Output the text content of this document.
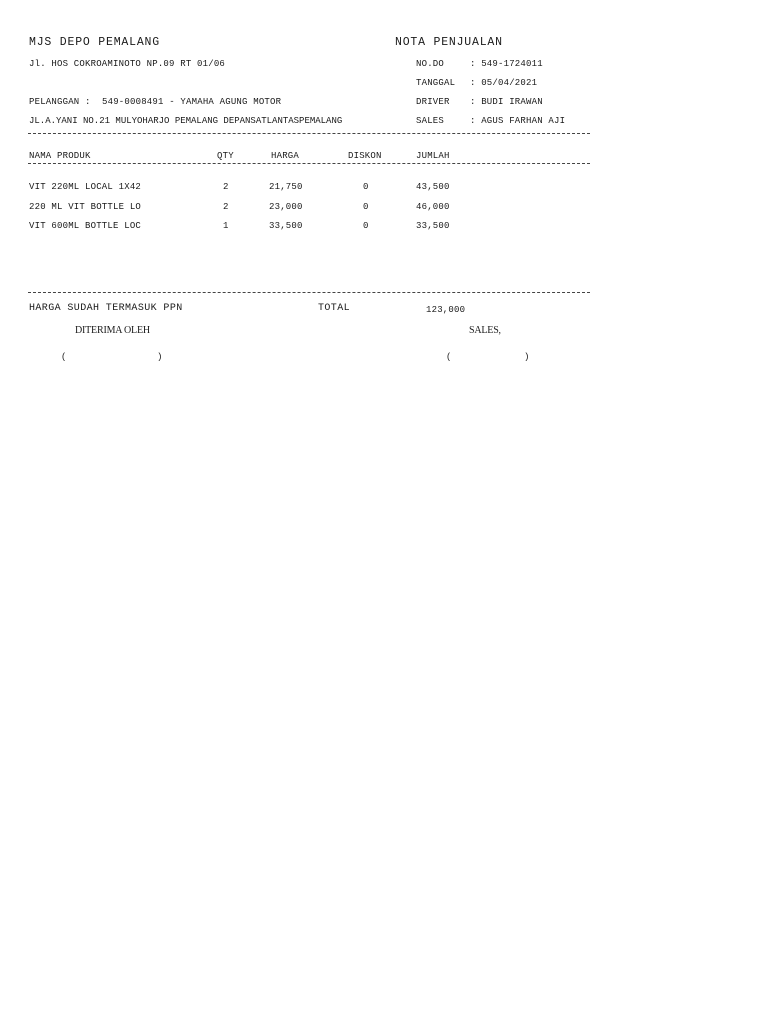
MJS DEPO PEMALANG	NOTA PENJUALAN
Jl. HOS COKROAMINOTO NP.09 RT 01/06	NO.DO	: 549-1724011
TANGGAL : 05/04/2021
PELANGGAN : 549-0008491 - YAMAHA AGUNG MOTOR	DRIVER : BUDI IRAWAN
JL.A.YANI NO.21 MULYOHARJO PEMALANG DEPANSATLANTASPEMALANG	SALES	: AGUS FARHAN AJI
NAMA PRODUK	QTY	HARGA	DISKON	JUMLAH
VIT 220ML LOCAL 1X42	2	21,750	0	43,500
220 ML VIT BOTTLE LO	2	23,000	0	46,000
VIT 600ML BOTTLE LOC	1	33,500	0	33,500
HARGA SUDAH TERMASUK PPN	TOTAL	123,000
DITERIMA OLEH	SALES,
(	)	(	)
